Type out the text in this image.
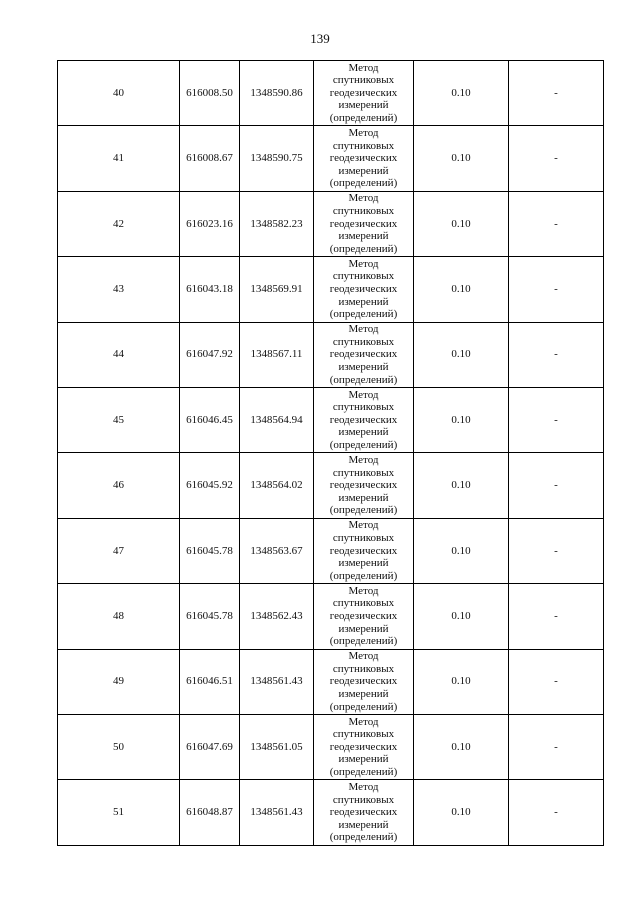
139
40	616008.50	1348590.86	Метод
спутниковых
геодезических
измерений
(определений)	0.10	-
41	616008.67	1348590.75	Метод
спутниковых
геодезических
измерений
(определений)	0.10	-
42	616023.16	1348582.23	Метод
спутниковых
геодезических
измерений
(определений)	0.10	-
43	616043.18	1348569.91	Метод
спутниковых
геодезических
измерений
(определений)	0.10	-
44	616047.92	1348567.11	Метод
спутниковых
геодезических
измерений
(определений)	0.10	-
45	616046.45	1348564.94	Метод
спутниковых
геодезических
измерений
(определений)	0.10	-
46	616045.92	1348564.02	Метод
спутниковых
геодезических
измерений
(определений)	0.10	-
47	616045.78	1348563.67	Метод
спутниковых
геодезических
измерений
(определений)	0.10	-
48	616045.78	1348562.43	Метод
спутниковых
геодезических
измерений
(определений)	0.10	-
49	616046.51	1348561.43	Метод
спутниковых
геодезических
измерений
(определений)	0.10	-
50	616047.69	1348561.05	Метод
спутниковых
геодезических
измерений
(определений)	0.10	-
51	616048.87	1348561.43	Метод
спутниковых
геодезических
измерений
(определений)	0.10	-
